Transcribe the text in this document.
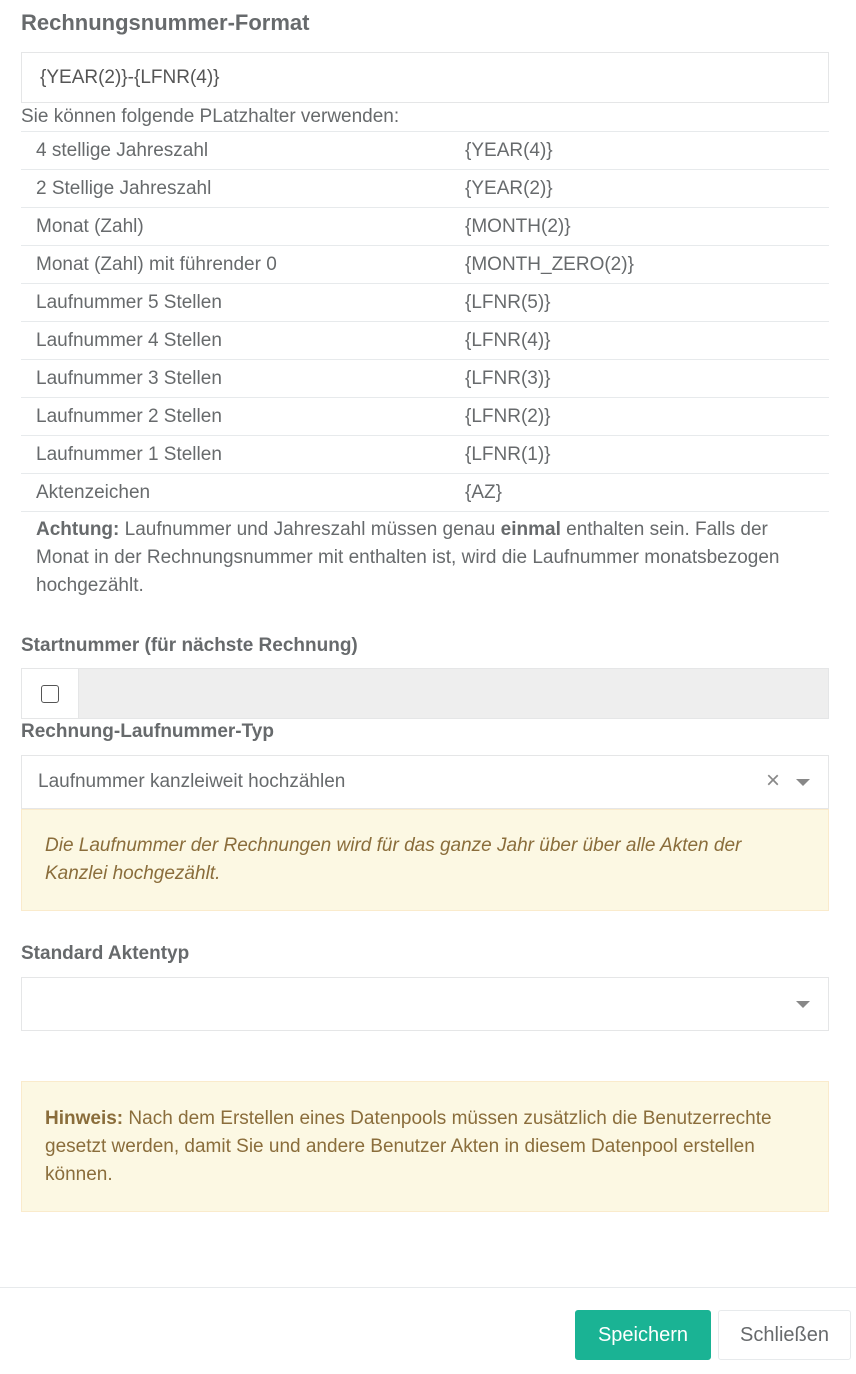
Rechnungsnummer-Format
{YEAR(2)}-{LFNR(4)}
Sie können folgende PLatzhalter verwenden:
4 stellige Jahreszahl	{YEAR(4)}
2 Stellige Jahreszahl	{YEAR(2)}
Monat (Zahl)	{MONTH(2)}
Monat (Zahl) mit führender 0	{MONTH_ZERO(2)}
Laufnummer 5 Stellen	{LFNR(5)}
Laufnummer 4 Stellen	{LFNR(4)}
Laufnummer 3 Stellen	{LFNR(3)}
Laufnummer 2 Stellen	{LFNR(2)}
Laufnummer 1 Stellen	{LFNR(1)}
Aktenzeichen	{AZ}
Achtung: Laufnummer und Jahreszahl müssen genau einmal enthalten sein. Falls der Monat in der Rechnungsnummer mit enthalten ist, wird die Laufnummer monatsbezogen hochgezählt.	
Startnummer (für nächste Rechnung)
Rechnung-Laufnummer-Typ
Laufnummer kanzleiweit hochzählen	×
Die Laufnummer der Rechnungen wird für das ganze Jahr über über alle Akten der Kanzlei hochgezählt.
Standard Aktentyp
Hinweis: Nach dem Erstellen eines Datenpools müssen zusätzlich die Benutzerrechte gesetzt werden, damit Sie und andere Benutzer Akten in diesem Datenpool erstellen können.
Speichern	Schließen
